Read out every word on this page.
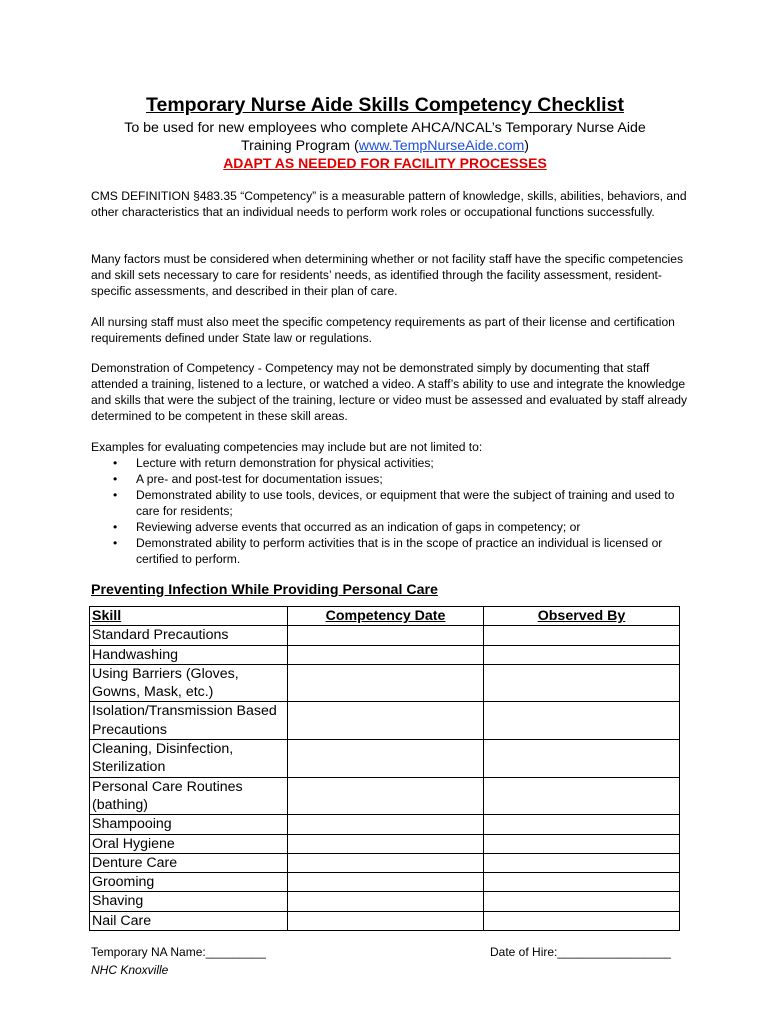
Temporary Nurse Aide Skills Competency Checklist
To be used for new employees who complete AHCA/NCAL’s Temporary Nurse Aide
Training Program (www.TempNurseAide.com)
ADAPT AS NEEDED FOR FACILITY PROCESSES
CMS DEFINITION §483.35 “Competency” is a measurable pattern of knowledge, skills, abilities, behaviors, and other characteristics that an individual needs to perform work roles or occupational functions successfully.
Many factors must be considered when determining whether or not facility staff have the specific competencies and skill sets necessary to care for residents’ needs, as identified through the facility assessment, resident-specific assessments, and described in their plan of care.
All nursing staff must also meet the specific competency requirements as part of their license and certification requirements defined under State law or regulations.
Demonstration of Competency - Competency may not be demonstrated simply by documenting that staff attended a training, listened to a lecture, or watched a video. A staff’s ability to use and integrate the knowledge and skills that were the subject of the training, lecture or video must be assessed and evaluated by staff already determined to be competent in these skill areas.
Examples for evaluating competencies may include but are not limited to:
• Lecture with return demonstration for physical activities;
• A pre- and post-test for documentation issues;
• Demonstrated ability to use tools, devices, or equipment that were the subject of training and used to care for residents;
• Reviewing adverse events that occurred as an indication of gaps in competency; or
• Demonstrated ability to perform activities that is in the scope of practice an individual is licensed or certified to perform.
Preventing Infection While Providing Personal Care
Skill	Competency Date	Observed By
Standard Precautions		
Handwashing		
Using Barriers (Gloves, Gowns, Mask, etc.)		
Isolation/Transmission Based Precautions		
Cleaning, Disinfection, Sterilization		
Personal Care Routines (bathing)		
Shampooing		
Oral Hygiene		
Denture Care		
Grooming		
Shaving		
Nail Care		
Temporary NA Name:_________
NHC Knoxville
Date of Hire:_________________
